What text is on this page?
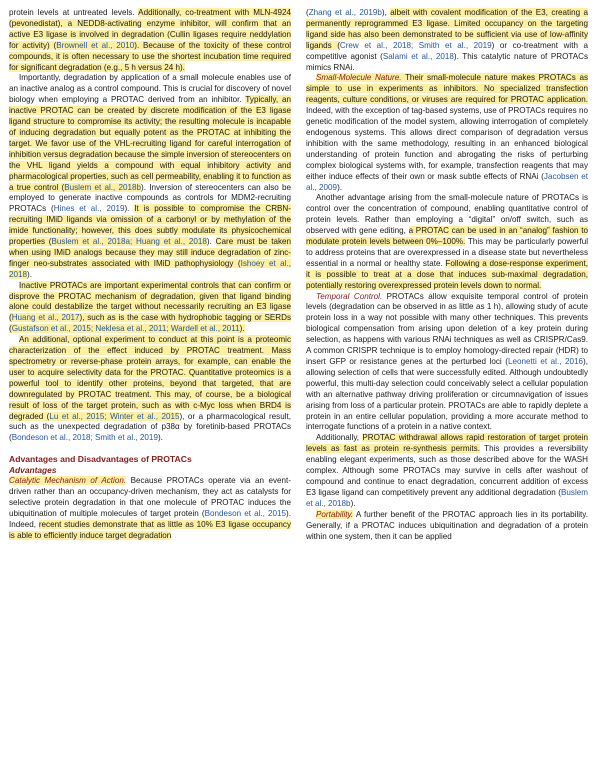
protein levels at untreated levels. Additionally, co-treatment with MLN-4924 (pevonedistat), a NEDD8-activating enzyme inhibitor, will confirm that an active E3 ligase is involved in degradation (Cullin ligases require neddylation for activity) (Brownell et al., 2010). Because of the toxicity of these control compounds, it is often necessary to use the shortest incubation time required for significant degradation (e.g., 5 h versus 24 h).

Importantly, degradation by application of a small molecule enables use of an inactive analog as a control compound. This is crucial for discovery of novel biology when employing a PROTAC derived from an inhibitor. Typically, an inactive PROTAC can be created by discrete modification of the E3 ligase ligand structure to compromise its activity; the resulting molecule is incapable of inducing degradation but equally potent as the PROTAC at inhibiting the target. We favor use of the VHL-recruiting ligand for careful interrogation of inhibition versus degradation because the simple inversion of stereocenters on the VHL ligand yields a compound with equal inhibitory activity and pharmacological properties, such as cell permeability, enabling it to function as a true control (Buslem et al., 2018b). Inversion of stereocenters can also be employed to generate inactive compounds as controls for MDM2-recruiting PROTACs (Hines et al., 2019). It is possible to compromise the CRBN-recruiting IMiD ligands via omission of a carbonyl or by methylation of the imide functionality; however, this does subtly modulate its physicochemical properties (Buslem et al., 2018a; Huang et al., 2018). Care must be taken when using IMiD analogs because they may still induce degradation of zinc-finger neo-substrates associated with IMiD pathophysiology (Ishoey et al., 2018).

Inactive PROTACs are important experimental controls that can confirm or disprove the PROTAC mechanism of degradation, given that ligand binding alone could destabilize the target without necessarily recruiting an E3 ligase (Huang et al., 2017), such as is the case with hydrophobic tagging or SERDs (Gustafson et al., 2015; Neklesa et al., 2011; Wardell et al., 2011).

An additional, optional experiment to conduct at this point is a proteomic characterization of the effect induced by PROTAC treatment. Mass spectrometry or reverse-phase protein arrays, for example, can enable the user to acquire selectivity data for the PROTAC. Quantitative proteomics is a powerful tool to identify other proteins, beyond that targeted, that are downregulated by PROTAC treatment. This may, of course, be a biological result of loss of the target protein, such as with c-Myc loss when BRD4 is degraded (Lu et al., 2015; Winter et al., 2015), or a pharmacological result, such as the unexpected degradation of p38α by foretinib-based PROTACs (Bondeson et al., 2018; Smith et al., 2019).

Advantages and Disadvantages of PROTACs
Advantages

Catalytic Mechanism of Action. Because PROTACs operate via an event-driven rather than an occupancy-driven mechanism, they act as catalysts for selective protein degradation in that one molecule of PROTAC induces the ubiquitination of multiple molecules of target protein (Bondeson et al., 2015). Indeed, recent studies demonstrate that as little as 10% E3 ligase occupancy is able to efficiently induce target degradation

(Zhang et al., 2019b), albeit with covalent modification of the E3, creating a permanently reprogrammed E3 ligase. Limited occupancy on the targeting ligand side has also been demonstrated to be sufficient via use of low-affinity ligands (Crew et al., 2018; Smith et al., 2019) or co-treatment with a competitive agonist (Salami et al., 2018). This catalytic nature of PROTACs mimics RNAi.

Small-Molecule Nature. Their small-molecule nature makes PROTACs as simple to use in experiments as inhibitors. No specialized transfection reagents, culture conditions, or viruses are required for PROTAC application. Indeed, with the exception of tag-based systems, use of PROTACs requires no genetic modification of the model system, allowing interrogation of completely endogenous systems. This allows direct comparison of degradation versus inhibition with the same methodology, resulting in an enhanced biological understanding of protein function and abrogating the risks of perturbing complex biological systems with, for example, transfection reagents that may either induce effects of their own or mask subtle effects of RNAi (Jacobsen et al., 2009).

Another advantage arising from the small-molecule nature of PROTACs is control over the concentration of compound, enabling quantitative control of protein levels. Rather than employing a “digital” on/off switch, such as observed with gene editing, a PROTAC can be used in an “analog” fashion to modulate protein levels between 0%–100%. This may be particularly powerful to address proteins that are overexpressed in a disease state but nevertheless essential in a normal or healthy state. Following a dose-response experiment, it is possible to treat at a dose that induces sub-maximal degradation, potentially restoring overexpressed protein levels down to normal.

Temporal Control. PROTACs allow exquisite temporal control of protein levels (degradation can be observed in as little as 1 h), allowing study of acute protein loss in a way not possible with many other techniques. This prevents biological compensation from arising upon deletion of a key protein during selection, as happens with various RNAi techniques as well as CRISPR/Cas9. A common CRISPR technique is to employ homology-directed repair (HDR) to insert GFP or resistance genes at the perturbed loci (Leonetti et al., 2016), allowing selection of cells that were successfully edited. Although undoubtedly powerful, this multi-day selection could conceivably select a cellular population with an alternative pathway driving proliferation or circumnavigation of issues arising from loss of a particular protein. PROTACs are able to rapidly deplete a protein in an entire cellular population, providing a more accurate method to interrogate functions of a protein in a native context.

Additionally, PROTAC withdrawal allows rapid restoration of target protein levels as fast as protein re-synthesis permits. This provides a reversibility enabling elegant experiments, such as those described above for the WASH complex. Although some PROTACs may survive in cells after washout of compound and continue to enact degradation, concurrent addition of excess E3 ligase ligand can competitively prevent any additional degradation (Buslem et al., 2018b).

Portability. A further benefit of the PROTAC approach lies in its portability. Generally, if a PROTAC induces ubiquitination and degradation of a protein within one system, then it can be applied
